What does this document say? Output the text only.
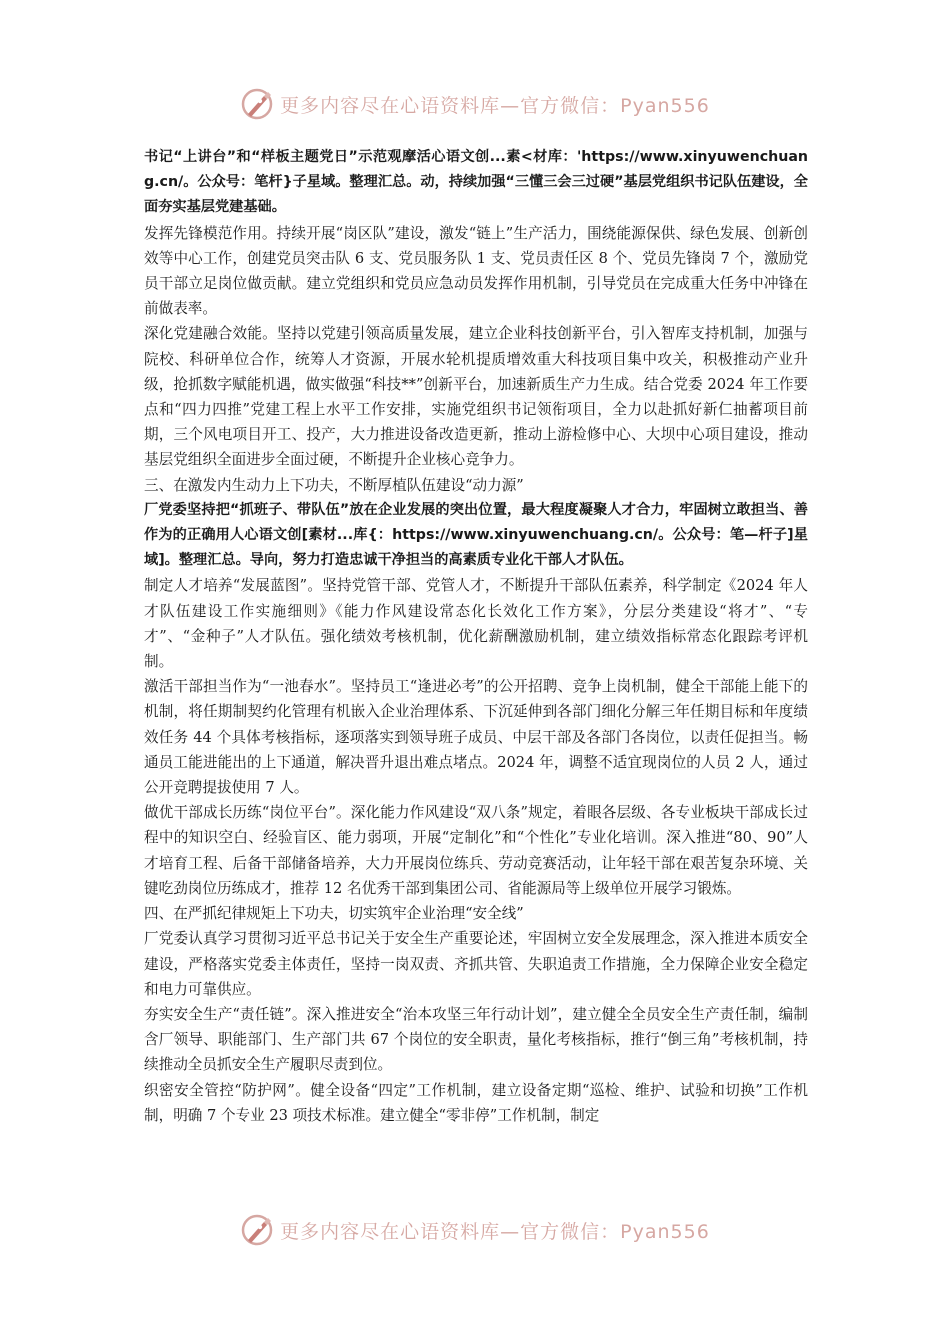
更多内容尽在心语资料库—官方微信：Pyan556

书记“上讲台”和“样板主题党日”示范观摩活心语文创...素<材库：'https://www.xinyuwenchuang.cn/。公众号：笔杆}子星域。整理汇总。动，持续加强“三懂三会三过硬”基层党组织书记队伍建设，全面夯实基层党建基础。

发挥先锋模范作用。持续开展“岗区队”建设，激发“链上”生产活力，围绕能源保供、绿色发展、创新创效等中心工作，创建党员突击队 6 支、党员服务队 1 支、党员责任区 8 个、党员先锋岗 7 个，激励党员干部立足岗位做贡献。建立党组织和党员应急动员发挥作用机制，引导党员在完成重大任务中冲锋在前做表率。

深化党建融合效能。坚持以党建引领高质量发展，建立企业科技创新平台，引入智库支持机制，加强与院校、科研单位合作，统筹人才资源，开展水轮机提质增效重大科技项目集中攻关，积极推动产业升级，抢抓数字赋能机遇，做实做强“科技**”创新平台，加速新质生产力生成。结合党委 2024 年工作要点和“四力四推”党建工程上水平工作安排，实施党组织书记领衔项目，全力以赴抓好新仁抽蓄项目前期，三个风电项目开工、投产，大力推进设备改造更新，推动上游检修中心、大坝中心项目建设，推动基层党组织全面进步全面过硬，不断提升企业核心竞争力。

三、在激发内生动力上下功夫，不断厚植队伍建设“动力源”

厂党委坚持把“抓班子、带队伍”放在企业发展的突出位置，最大程度凝聚人才合力，牢固树立敢担当、善作为的正确用人心语文创[素材...库{：https://www.xinyuwenchuang.cn/。公众号：笔—杆子]星域]。整理汇总。导向，努力打造忠诚干净担当的高素质专业化干部人才队伍。

制定人才培养“发展蓝图”。坚持党管干部、党管人才，不断提升干部队伍素养，科学制定《2024 年人才队伍建设工作实施细则》《能力作风建设常态化长效化工作方案》，分层分类建设“将才”、“专才”、“金种子”人才队伍。强化绩效考核机制，优化薪酬激励机制，建立绩效指标常态化跟踪考评机制。

激活干部担当作为“一池春水”。坚持员工“逢进必考”的公开招聘、竞争上岗机制，健全干部能上能下的机制，将任期制契约化管理有机嵌入企业治理体系、下沉延伸到各部门细化分解三年任期目标和年度绩效任务 44 个具体考核指标，逐项落实到领导班子成员、中层干部及各部门各岗位，以责任促担当。畅通员工能进能出的上下通道，解决晋升退出难点堵点。2024 年，调整不适宜现岗位的人员 2 人，通过公开竞聘提拔使用 7 人。

做优干部成长历练“岗位平台”。深化能力作风建设“双八条”规定，着眼各层级、各专业板块干部成长过程中的知识空白、经验盲区、能力弱项，开展“定制化”和“个性化”专业化培训。深入推进“80、90”人才培育工程、后备干部储备培养，大力开展岗位练兵、劳动竞赛活动，让年轻干部在艰苦复杂环境、关键吃劲岗位历练成才，推荐 12 名优秀干部到集团公司、省能源局等上级单位开展学习锻炼。

四、在严抓纪律规矩上下功夫，切实筑牢企业治理“安全线”

厂党委认真学习贯彻习近平总书记关于安全生产重要论述，牢固树立安全发展理念，深入推进本质安全建设，严格落实党委主体责任，坚持一岗双责、齐抓共管、失职追责工作措施，全力保障企业安全稳定和电力可靠供应。

夯实安全生产“责任链”。深入推进安全“治本攻坚三年行动计划”，建立健全全员安全生产责任制，编制含厂领导、职能部门、生产部门共 67 个岗位的安全职责，量化考核指标，推行“倒三角”考核机制，持续推动全员抓安全生产履职尽责到位。

织密安全管控“防护网”。健全设备“四定”工作机制，建立设备定期“巡检、维护、试验和切换”工作机制，明确 7 个专业 23 项技术标准。建立健全“零非停”工作机制，制定

更多内容尽在心语资料库—官方微信：Pyan556
